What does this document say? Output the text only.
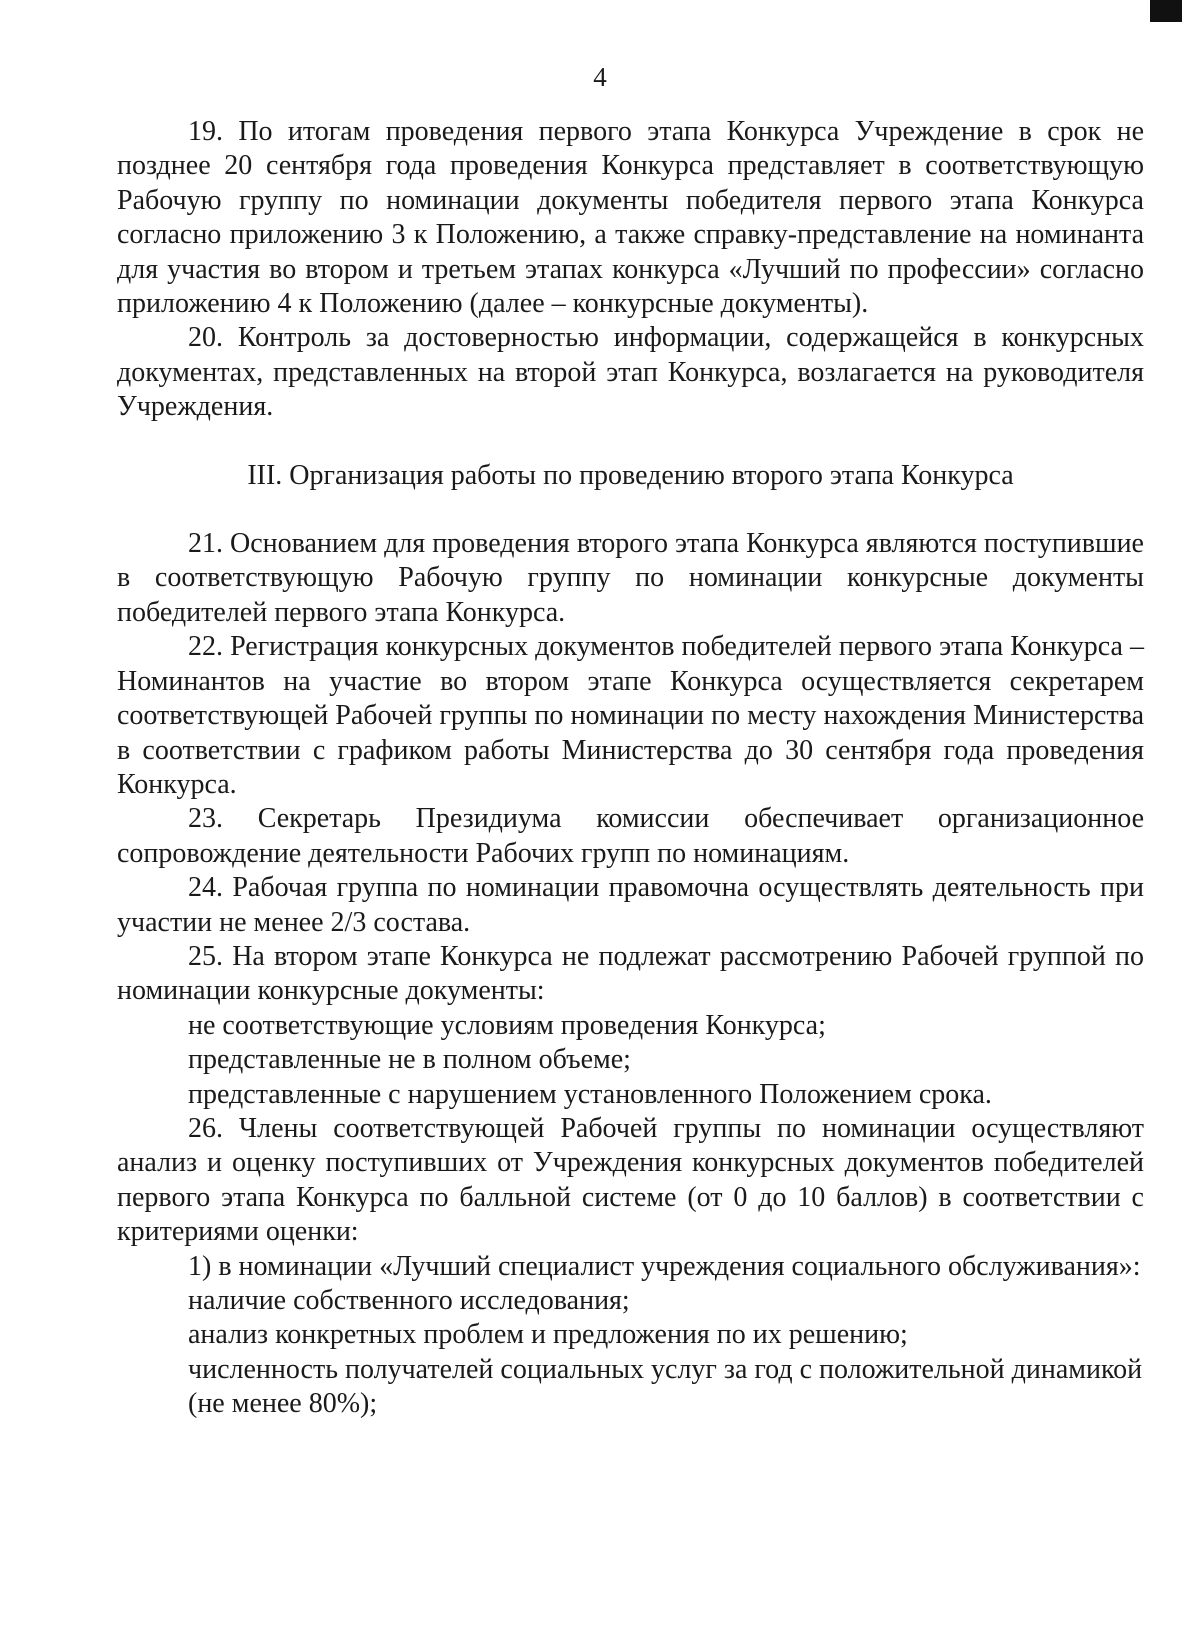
4

19. По итогам проведения первого этапа Конкурса Учреждение в срок не позднее 20 сентября года проведения Конкурса представляет в соответствующую Рабочую группу по номинации документы победителя первого этапа Конкурса согласно приложению 3 к Положению, а также справку-представление на номинанта для участия во втором и третьем этапах конкурса «Лучший по профессии» согласно приложению 4 к Положению (далее – конкурсные документы).

20. Контроль за достоверностью информации, содержащейся в конкурсных документах, представленных на второй этап Конкурса, возлагается на руководителя Учреждения.

III. Организация работы по проведению второго этапа Конкурса

21. Основанием для проведения второго этапа Конкурса являются поступившие в соответствующую Рабочую группу по номинации конкурсные документы победителей первого этапа Конкурса.

22. Регистрация конкурсных документов победителей первого этапа Конкурса – Номинантов на участие во втором этапе Конкурса осуществляется секретарем соответствующей Рабочей группы по номинации по месту нахождения Министерства в соответствии с графиком работы Министерства до 30 сентября года проведения Конкурса.

23. Секретарь Президиума комиссии обеспечивает организационное сопровождение деятельности Рабочих групп по номинациям.

24. Рабочая группа по номинации правомочна осуществлять деятельность при участии не менее 2/3 состава.

25. На втором этапе Конкурса не подлежат рассмотрению Рабочей группой по номинации конкурсные документы:

не соответствующие условиям проведения Конкурса;

представленные не в полном объеме;

представленные с нарушением установленного Положением срока.

26. Члены соответствующей Рабочей группы по номинации осуществляют анализ и оценку поступивших от Учреждения конкурсных документов победителей первого этапа Конкурса по балльной системе (от 0 до 10 баллов) в соответствии с критериями оценки:

1) в номинации «Лучший специалист учреждения социального обслуживания»:

наличие собственного исследования;

анализ конкретных проблем и предложения по их решению;

численность получателей социальных услуг за год с положительной динамикой (не менее 80%);
